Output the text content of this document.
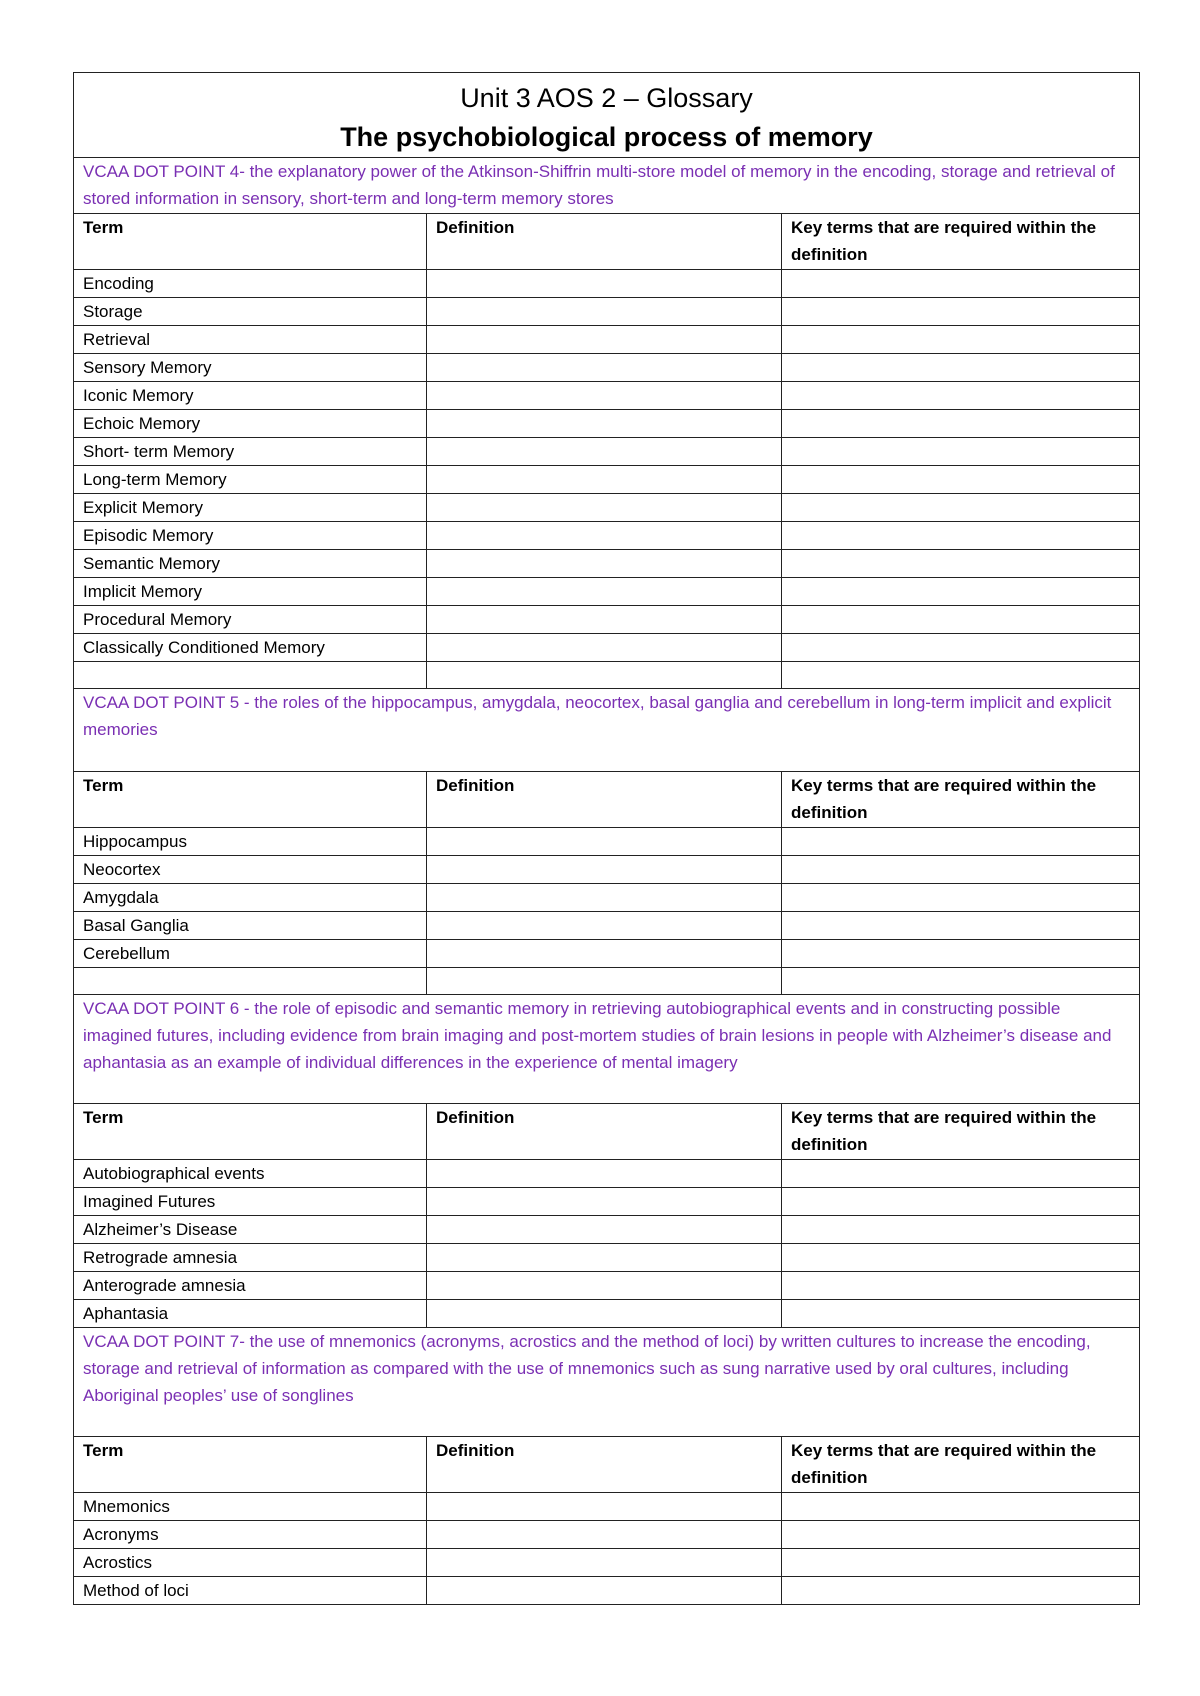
Unit 3 AOS 2 – Glossary
The psychobiological process of memory		

VCAA DOT POINT 4- the explanatory power of the Atkinson-Shiffrin multi-store model of memory in the encoding, storage and retrieval of stored information in sensory, short-term and long-term memory stores		
Term	Definition	Key terms that are required within the definition
Encoding		
Storage		
Retrieval		
Sensory Memory		
Iconic Memory		
Echoic Memory		
Short- term Memory		
Long-term Memory		
Explicit Memory		
Episodic Memory		
Semantic Memory		
Implicit Memory		
Procedural Memory		
Classically Conditioned Memory		

VCAA DOT POINT 5 - the roles of the hippocampus, amygdala, neocortex, basal ganglia and cerebellum in long-term implicit and explicit memories		
Term	Definition	Key terms that are required within the definition
Hippocampus		
Neocortex		
Amygdala		
Basal Ganglia		
Cerebellum		

VCAA DOT POINT 6 - the role of episodic and semantic memory in retrieving autobiographical events and in constructing possible imagined futures, including evidence from brain imaging and post-mortem studies of brain lesions in people with Alzheimer’s disease and aphantasia as an example of individual differences in the experience of mental imagery		
Term	Definition	Key terms that are required within the definition
Autobiographical events		
Imagined Futures		
Alzheimer’s Disease		
Retrograde amnesia		
Anterograde amnesia		
Aphantasia		
VCAA DOT POINT 7- the use of mnemonics (acronyms, acrostics and the method of loci) by written cultures to increase the encoding, storage and retrieval of information as compared with the use of mnemonics such as sung narrative used by oral cultures, including Aboriginal peoples’ use of songlines		
Term	Definition	Key terms that are required within the definition
Mnemonics		
Acronyms		
Acrostics		
Method of loci		
